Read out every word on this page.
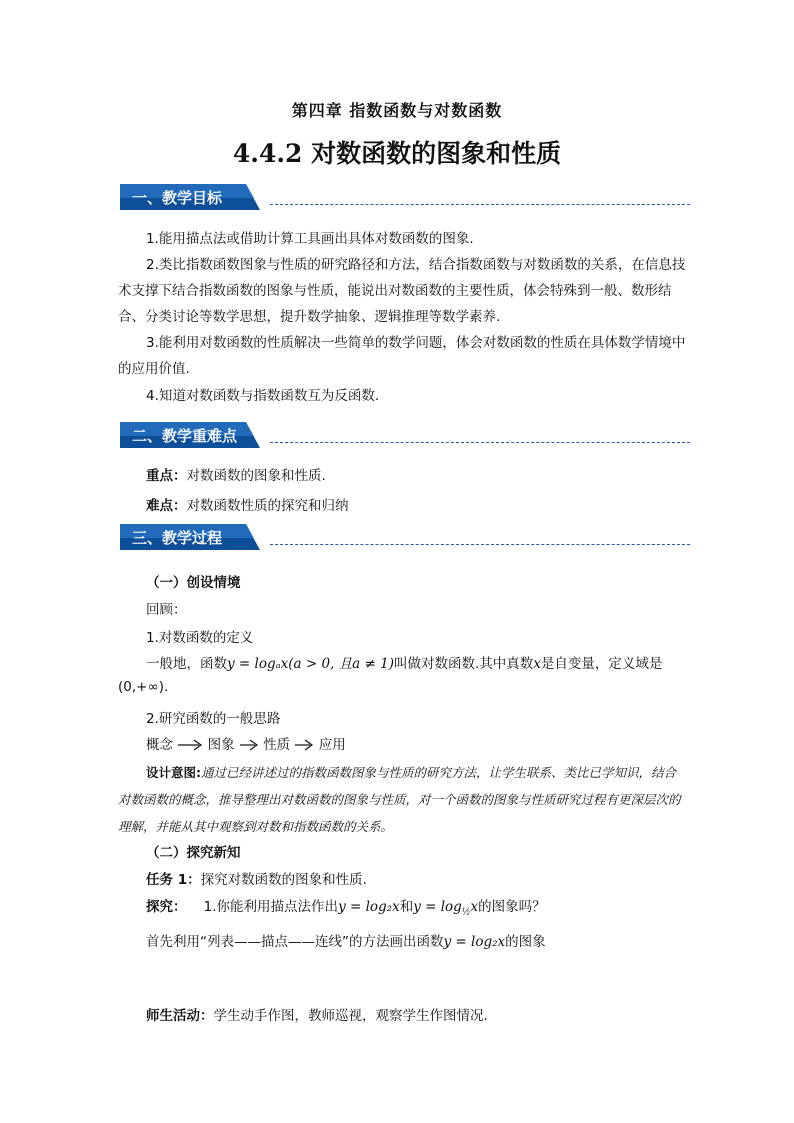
第四章 指数函数与对数函数
4.4.2 对数函数的图象和性质
一、教学目标
1.能用描点法或借助计算工具画出具体对数函数的图象.
2.类比指数函数图象与性质的研究路径和方法，结合指数函数与对数函数的关系，在信息技术支撑下结合指数函数的图象与性质，能说出对数函数的主要性质，体会特殊到一般、数形结合、分类讨论等数学思想，提升数学抽象、逻辑推理等数学素养.
3.能利用对数函数的性质解决一些简单的数学问题，体会对数函数的性质在具体数学情境中的应用价值.
4.知道对数函数与指数函数互为反函数.
二、教学重难点
重点：对数函数的图象和性质.
难点：对数函数性质的探究和归纳
三、教学过程
（一）创设情境
回顾：
1.对数函数的定义
一般地，函数y = logₐx(a > 0, 且a ≠ 1)叫做对数函数.其中真数x是自变量，定义域是
(0,+∞).
2.研究函数的一般思路
概念	图象 性质 应用
设计意图:通过已经讲述过的指数函数图象与性质的研究方法，让学生联系、类比已学知识，结合对数函数的概念，推导整理出对数函数的图象与性质，对一个函数的图象与性质研究过程有更深层次的理解，并能从其中观察到对数和指数函数的关系。
（二）探究新知
任务 1：探究对数函数的图象和性质.
探究： 1.你能利用描点法作出y = log₂x和$y = \log_{\frac{1}{2}}x$的图象吗？
首先利用“列表——描点——连线”的方法画出函数y = log₂x的图象
师生活动：学生动手作图，教师巡视，观察学生作图情况.
